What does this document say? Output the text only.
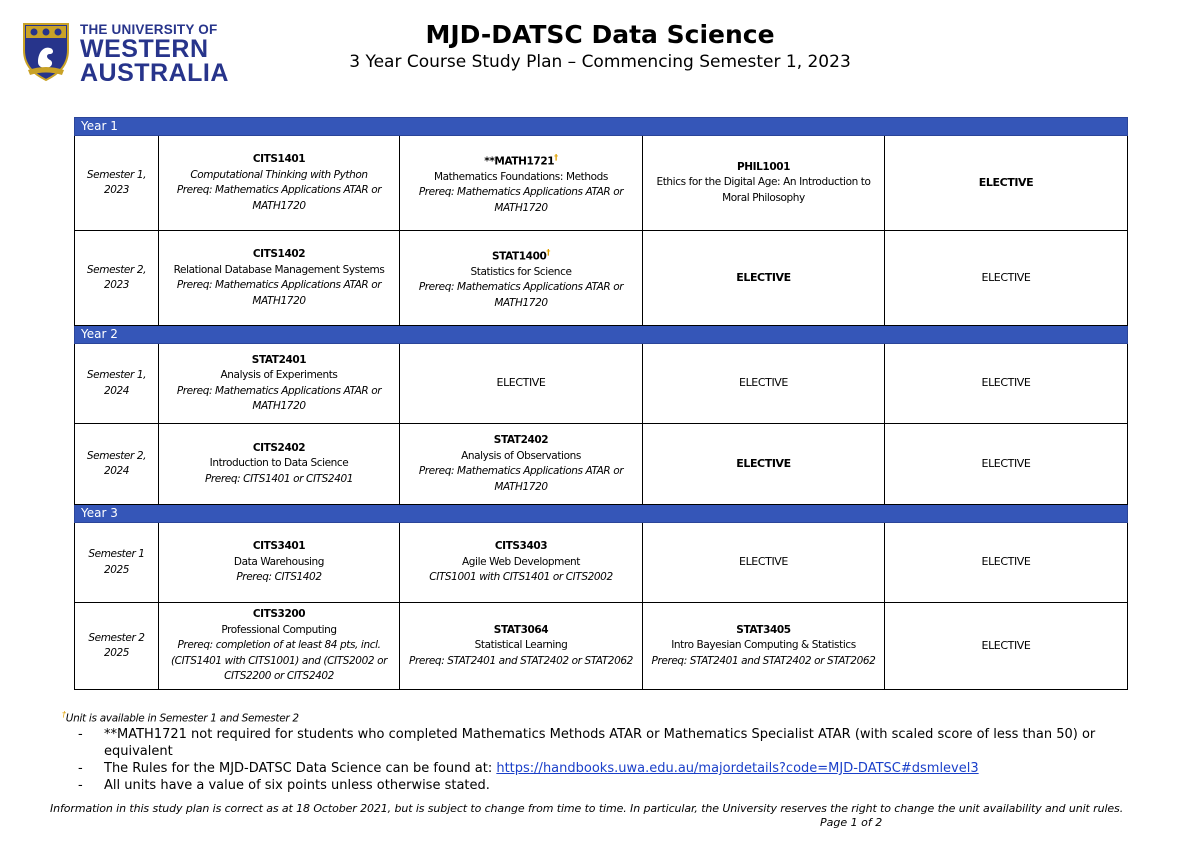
THE UNIVERSITY OF
WESTERN
AUSTRALIA
MJD-DATSC Data Science
3 Year Course Study Plan – Commencing Semester 1, 2023
Year 1				
Semester 1, 2023	CITS1401
Computational Thinking with Python
Prereq: Mathematics Applications ATAR or MATH1720	**MATH1721†
Mathematics Foundations: Methods
Prereq: Mathematics Applications ATAR or MATH1720	PHIL1001
Ethics for the Digital Age: An Introduction to Moral Philosophy	ELECTIVE
Semester 2, 2023	CITS1402
Relational Database Management Systems
Prereq: Mathematics Applications ATAR or MATH1720	STAT1400†
Statistics for Science
Prereq: Mathematics Applications ATAR or MATH1720	ELECTIVE	ELECTIVE
Year 2				
Semester 1, 2024	STAT2401
Analysis of Experiments
Prereq: Mathematics Applications ATAR or MATH1720	ELECTIVE	ELECTIVE	ELECTIVE
Semester 2, 2024	CITS2402
Introduction to Data Science
Prereq: CITS1401 or CITS2401	STAT2402
Analysis of Observations
Prereq: Mathematics Applications ATAR or MATH1720	ELECTIVE	ELECTIVE
Year 3				
Semester 1 2025	CITS3401
Data Warehousing
Prereq: CITS1402	CITS3403
Agile Web Development
CITS1001 with CITS1401 or CITS2002	ELECTIVE	ELECTIVE
Semester 2 2025	CITS3200
Professional Computing
Prereq: completion of at least 84 pts, incl. (CITS1401 with CITS1001) and (CITS2002 or CITS2200 or CITS2402	STAT3064
Statistical Learning
Prereq: STAT2401 and STAT2402 or STAT2062	STAT3405
Intro Bayesian Computing & Statistics
Prereq: STAT2401 and STAT2402 or STAT2062	ELECTIVE
†Unit is available in Semester 1 and Semester 2
- **MATH1721 not required for students who completed Mathematics Methods ATAR or Mathematics Specialist ATAR (with scaled score of less than 50) or equivalent
- The Rules for the MJD-DATSC Data Science can be found at: https://handbooks.uwa.edu.au/majordetails?code=MJD-DATSC#dsmlevel3
- All units have a value of six points unless otherwise stated.
Information in this study plan is correct as at 18 October 2021, but is subject to change from time to time. In particular, the University reserves the right to change the unit availability and unit rules.
Page 1 of 2
